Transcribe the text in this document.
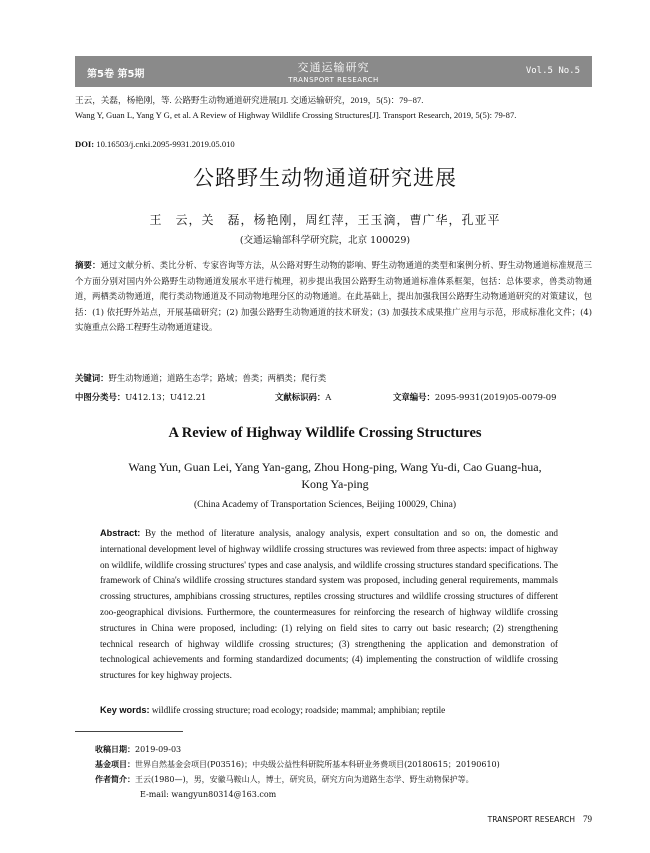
第5卷 第5期
交通运输研究
TRANSPORT RESEARCH
Vol.5 No.5
王云，关磊，杨艳刚，等. 公路野生动物通道研究进展[J]. 交通运输研究，2019，5(5)：79−87.
Wang Y, Guan L, Yang Y G, et al. A Review of Highway Wildlife Crossing Structures[J]. Transport Research, 2019, 5(5): 79-87.
DOI: 10.16503/j.cnki.2095-9931.2019.05.010
公路野生动物通道研究进展
王　云，关　磊，杨艳刚，周红萍，王玉滴，曹广华，孔亚平
(交通运输部科学研究院，北京 100029)
摘要：通过文献分析、类比分析、专家咨询等方法，从公路对野生动物的影响、野生动物通道的类型和案例分析、野生动物通道标准规范三个方面分别对国内外公路野生动物通道发展水平进行梳理，初步提出我国公路野生动物通道标准体系框架，包括：总体要求，兽类动物通道，两栖类动物通道，爬行类动物通道及不同动物地理分区的动物通道。在此基础上，提出加强我国公路野生动物通道研究的对策建议，包括：(1) 依托野外站点，开展基础研究；(2) 加强公路野生动物通道的技术研发；(3) 加强技术成果推广应用与示范，形成标准化文件；(4) 实施重点公路工程野生动物通道建设。
关键词：野生动物通道；道路生态学；路域；兽类；两栖类；爬行类
中图分类号：U412.13；U412.21	文献标识码：A	文章编号：2095-9931(2019)05-0079-09
A Review of Highway Wildlife Crossing Structures
Wang Yun, Guan Lei, Yang Yan-gang, Zhou Hong-ping, Wang Yu-di, Cao Guang-hua, Kong Ya-ping
(China Academy of Transportation Sciences, Beijing 100029, China)
Abstract: By the method of literature analysis, analogy analysis, expert consultation and so on, the domestic and international development level of highway wildlife crossing structures was reviewed from three aspects: impact of highway on wildlife, wildlife crossing structures' types and case analysis, and wildlife crossing structures standard specifications. The framework of China's wildlife crossing structures standard system was proposed, including general requirements, mammals crossing structures, amphibians crossing structures, reptiles crossing structures and wildlife crossing structures of different zoo-geographical divisions. Furthermore, the countermeasures for reinforcing the research of highway wildlife crossing structures in China were proposed, including: (1) relying on field sites to carry out basic research; (2) strengthening technical research of highway wildlife crossing structures; (3) strengthening the application and demonstration of technological achievements and forming standardized documents; (4) implementing the construction of wildlife crossing structures for key highway projects.
Key words: wildlife crossing structure; road ecology; roadside; mammal; amphibian; reptile
收稿日期：2019-09-03
基金项目：世界自然基金会项目(P03516)；中央级公益性科研院所基本科研业务费项目(20180615；20190610)
作者简介：王云(1980—)，男，安徽马鞍山人，博士，研究员，研究方向为道路生态学、野生动物保护等。
E-mail: wangyun80314@163.com
TRANSPORT RESEARCH 79
